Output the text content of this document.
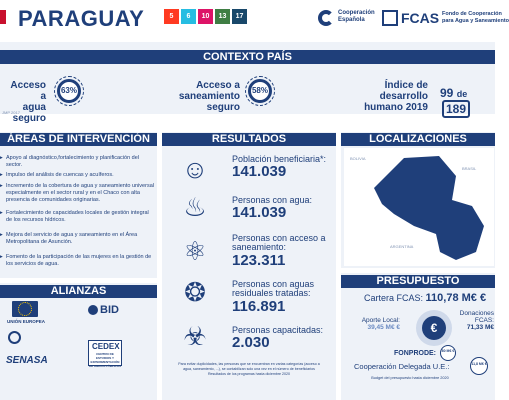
PARAGUAY	5	6	10	13	17	Cooperación
Española	FCAS Fondo de Cooperación
para Agua y Saneamiento
CONTEXTO PAÍS
Acceso a
agua
seguro
63%	Acceso a
saneamiento
seguro
58%	Índice de
desarrollo
humano 2019
99 de189
JMP 2017
ÁREAS DE INTERVENCIÓN
▸ Apoyo al diagnóstico,fortalecimiento y planificación del sector.
▸ Impulso del análisis de cuencas y acuíferos.
▸ Incremento de la cobertura de agua y saneamiento universal especialmente en el sector rural y en el Chaco con alta presencia de comunidades originarias.
▸ Fortalecimiento de capacidades locales de gestión integral de los recursos hídricos.
▸ Mejora del servicio de agua y saneamiento en el Área Metropolitana de Asunción.
▸ Fomento de la participación de las mujeres en la gestión de los servicios de agua.
ALIANZAS
UNIÓN EUROPEA
BID
SENASA
CEDEX
CENTRO DE ESTUDIOS Y EXPERIMENTACIÓN DE OBRAS PÚBLICAS
RESULTADOS
☺	Población beneficiaria*:
141.039
♨	Personas con agua:
141.039
⚛	Personas con acceso a saneamiento:
123.311
❂	Personas con aguas residuales tratadas:
116.891
☣	Personas capacitadas:
2.030
Para evitar duplicidades, las personas que se encuentran en varias categorías (acceso a
agua, saneamiento, ...), se contabilizan solo una vez en el número de beneficiarios
Resultados de los programas hasta diciembre 2020
LOCALIZACIONES
BOLIVIA
BRASIL
ARGENTINA
PRESUPUESTO
Cartera FCAS: 110,78 M€ €
Aporte Local:
39,45 M€ €	€
Donaciones
FCAS:
71,33 M€
FONPRODE:	80 M€ €
Cooperación Delegada U.E.:	11,8 M€ €
Budget del presupuesto hasta diciembre 2020
